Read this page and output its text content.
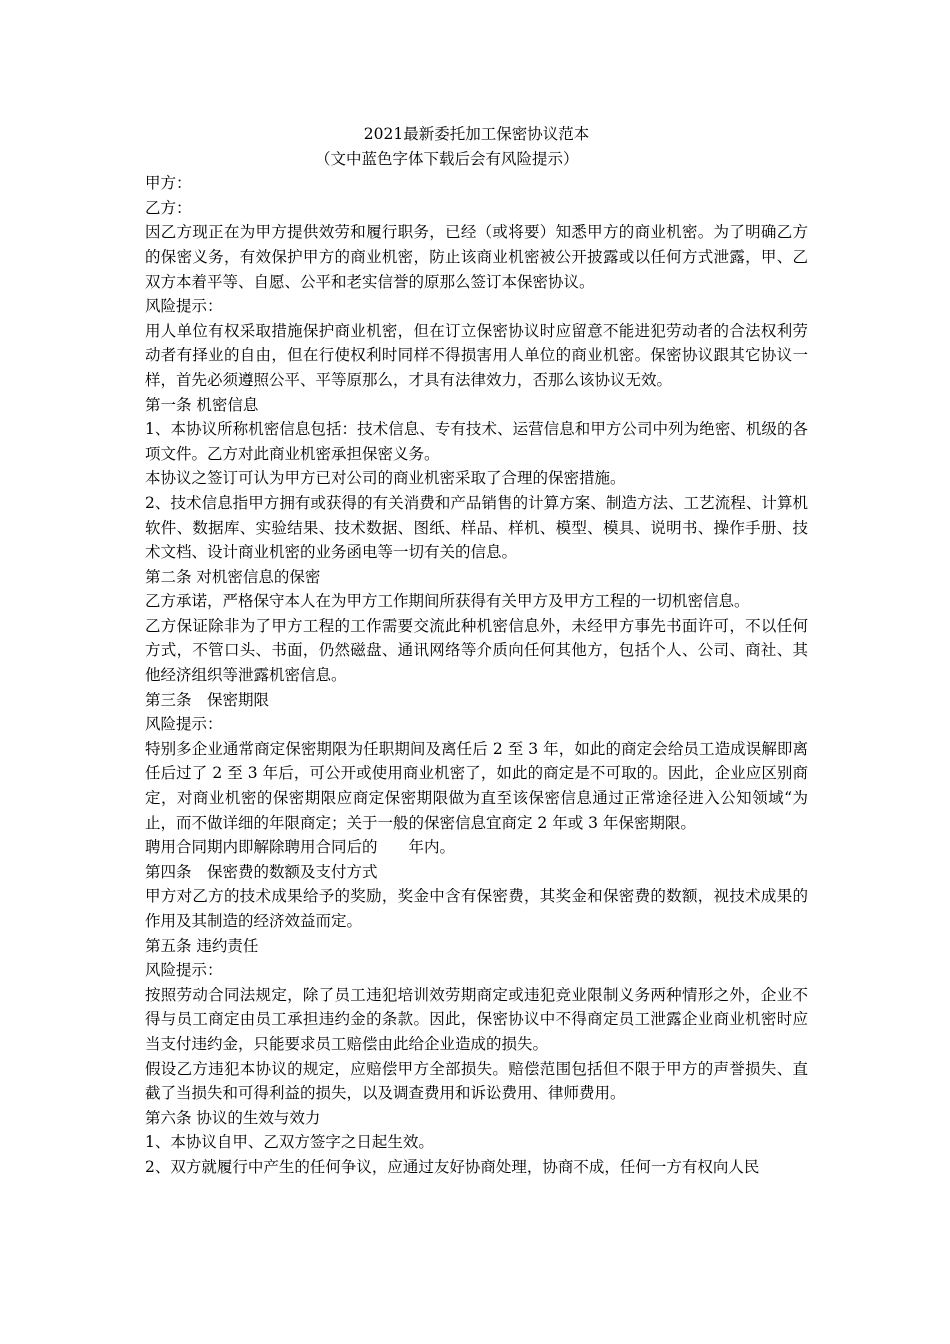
2021最新委托加工保密协议范本
（文中蓝色字体下载后会有风险提示）

甲方：

乙方：

因乙方现正在为甲方提供效劳和履行职务，已经（或将要）知悉甲方的商业机密。为了明确乙方的保密义务，有效保护甲方的商业机密，防止该商业机密被公开披露或以任何方式泄露，甲、乙双方本着平等、自愿、公平和老实信誉的原那么签订本保密协议。

风险提示：

用人单位有权采取措施保护商业机密，但在订立保密协议时应留意不能进犯劳动者的合法权利劳动者有择业的自由，但在行使权利时同样不得损害用人单位的商业机密。保密协议跟其它协议一样，首先必须遵照公平、平等原那么，才具有法律效力，否那么该协议无效。

第一条 机密信息

1、本协议所称机密信息包括：技术信息、专有技术、运营信息和甲方公司中列为绝密、机级的各项文件。乙方对此商业机密承担保密义务。

本协议之签订可认为甲方已对公司的商业机密采取了合理的保密措施。

2、技术信息指甲方拥有或获得的有关消费和产品销售的计算方案、制造方法、工艺流程、计算机软件、数据库、实验结果、技术数据、图纸、样品、样机、模型、模具、说明书、操作手册、技术文档、设计商业机密的业务函电等一切有关的信息。

第二条 对机密信息的保密

乙方承诺，严格保守本人在为甲方工作期间所获得有关甲方及甲方工程的一切机密信息。

乙方保证除非为了甲方工程的工作需要交流此种机密信息外，未经甲方事先书面许可，不以任何方式，不管口头、书面，仍然磁盘、通讯网络等介质向任何其他方，包括个人、公司、商社、其他经济组织等泄露机密信息。

第三条　保密期限

风险提示：

特别多企业通常商定保密期限为任职期间及离任后 2 至 3 年，如此的商定会给员工造成误解即离任后过了 2 至 3 年后，可公开或使用商业机密了，如此的商定是不可取的。因此，企业应区别商定，对商业机密的保密期限应商定保密期限做为直至该保密信息通过正常途径进入公知领域“为止，而不做详细的年限商定；关于一般的保密信息宜商定 2 年或 3 年保密期限。

聘用合同期内即解除聘用合同后的　　年内。

第四条　保密费的数额及支付方式

甲方对乙方的技术成果给予的奖励，奖金中含有保密费，其奖金和保密费的数额，视技术成果的作用及其制造的经济效益而定。

第五条 违约责任

风险提示：

按照劳动合同法规定，除了员工违犯培训效劳期商定或违犯竞业限制义务两种情形之外，企业不得与员工商定由员工承担违约金的条款。因此，保密协议中不得商定员工泄露企业商业机密时应当支付违约金，只能要求员工赔偿由此给企业造成的损失。

假设乙方违犯本协议的规定，应赔偿甲方全部损失。赔偿范围包括但不限于甲方的声誉损失、直截了当损失和可得利益的损失，以及调查费用和诉讼费用、律师费用。

第六条 协议的生效与效力

1、本协议自甲、乙双方签字之日起生效。

2、双方就履行中产生的任何争议，应通过友好协商处理，协商不成，任何一方有权向人民
